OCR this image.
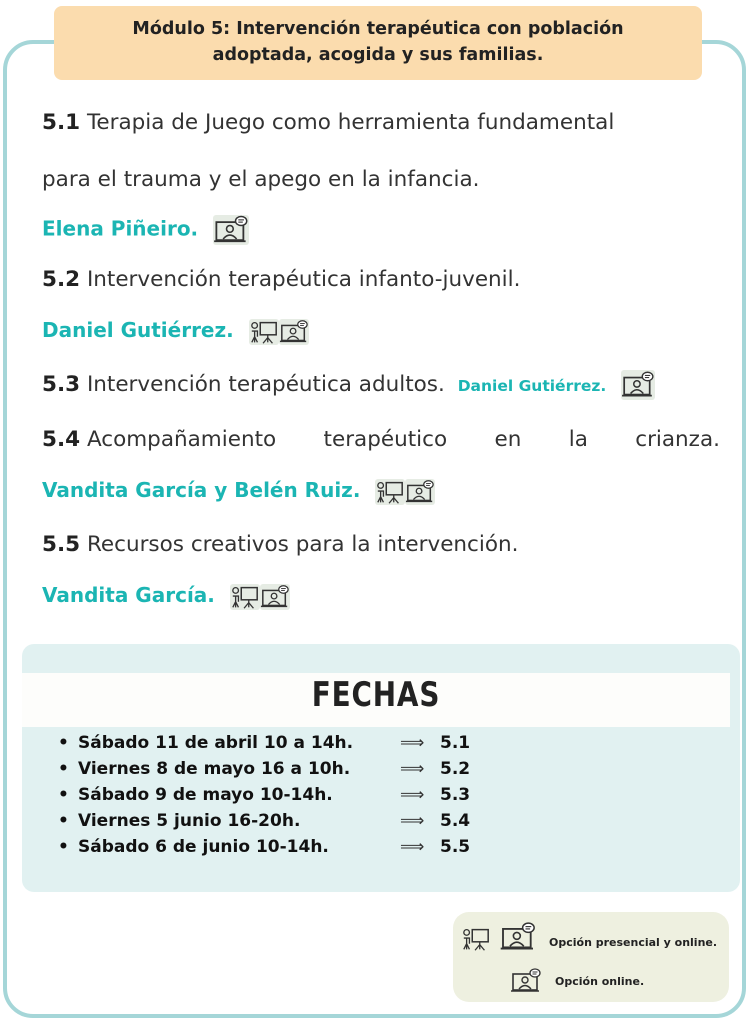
Módulo 5: Intervención terapéutica con población
adoptada, acogida y sus familias.
5.1 Terapia de Juego como herramienta fundamental
para el trauma y el apego en la infancia.
Elena Piñeiro.
5.2 Intervención terapéutica infanto-juvenil.
Daniel Gutiérrez.
5.3 Intervención terapéutica adultos. Daniel Gutiérrez.
5.4 Acompañamiento terapéutico en la crianza.
Vandita García y Belén Ruiz.
5.5 Recursos creativos para la intervención.
Vandita García.
FECHAS
• Sábado 11 de abril 10 a 14h.	⟹ 5.1
• Viernes 8 de mayo 16 a 10h.	⟹ 5.2
• Sábado 9 de mayo 10-14h.	⟹ 5.3
• Viernes 5 junio 16-20h.	⟹ 5.4
• Sábado 6 de junio 10-14h.	⟹ 5.5
Opción presencial y online.
Opción online.
